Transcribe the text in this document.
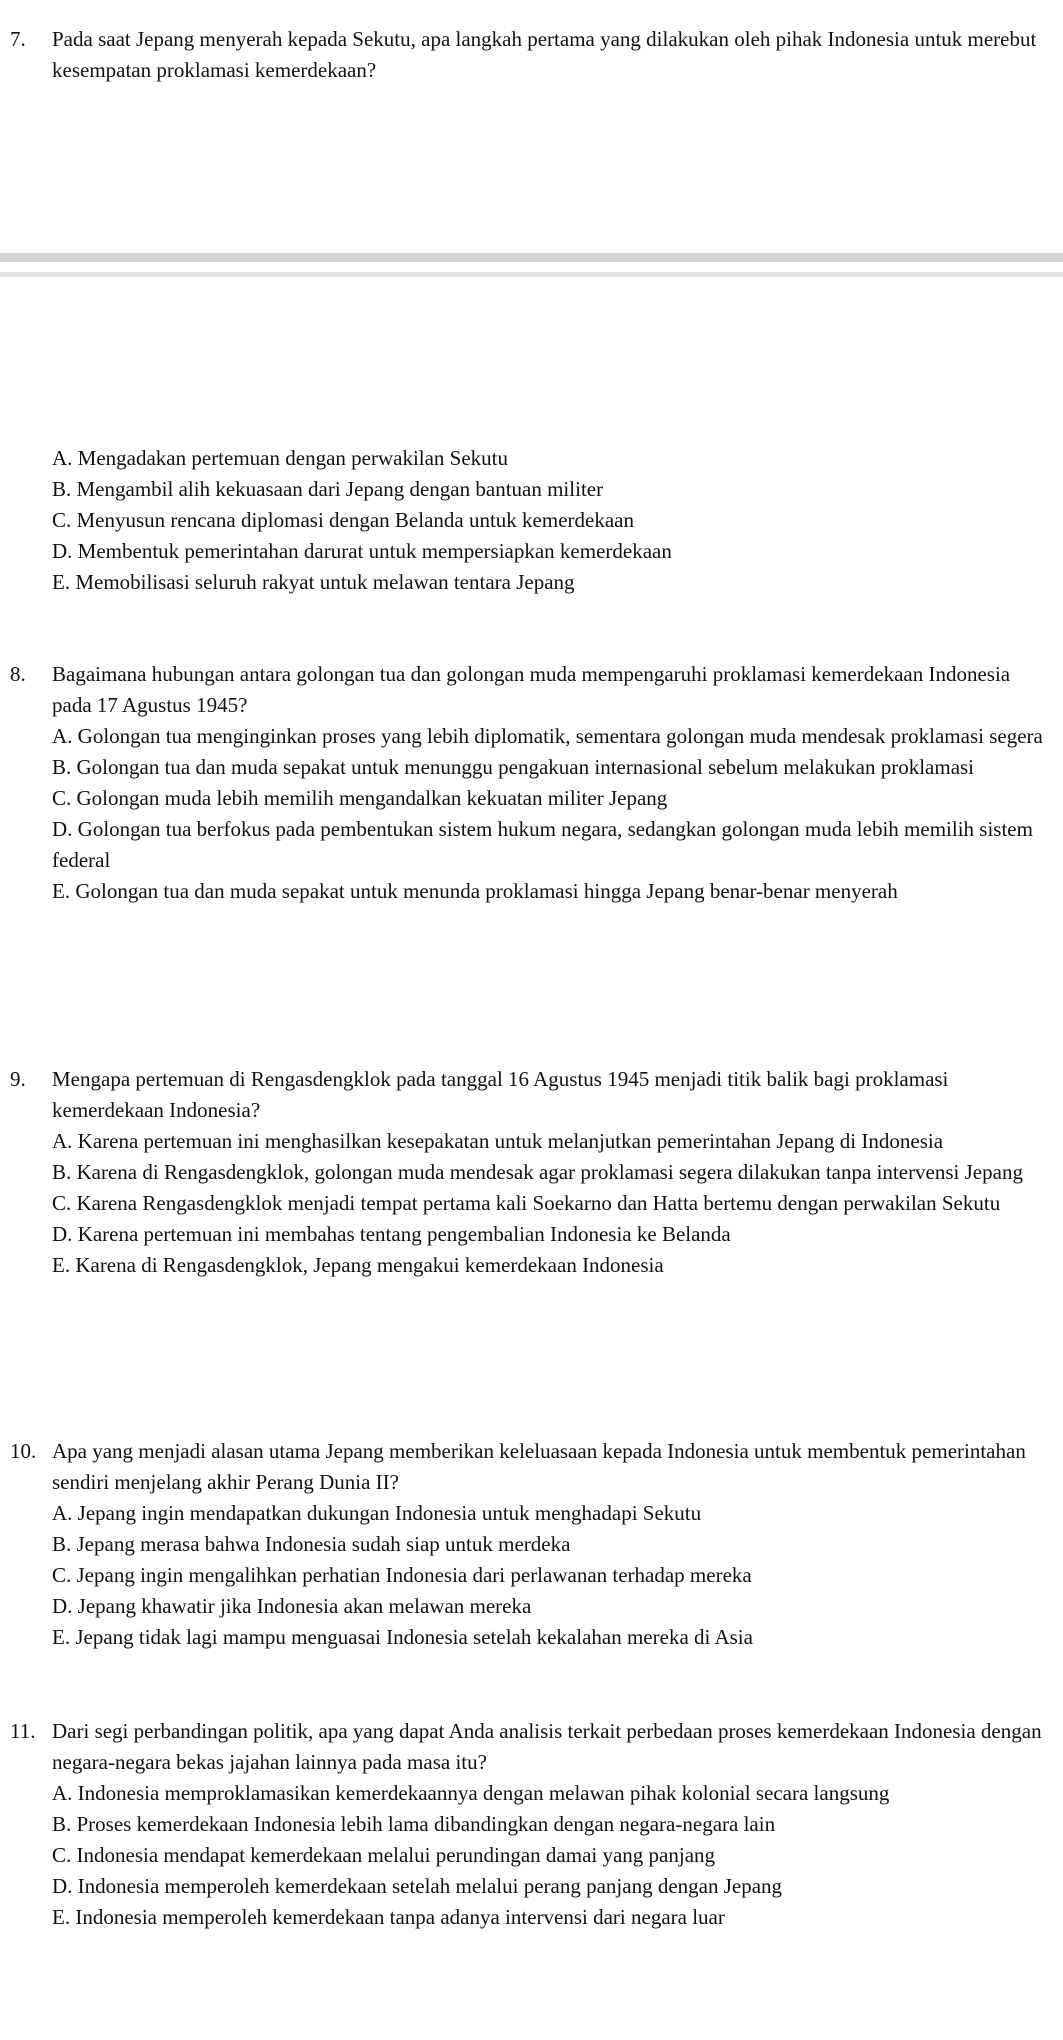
7. Pada saat Jepang menyerah kepada Sekutu, apa langkah pertama yang dilakukan oleh pihak Indonesia untuk merebut kesempatan proklamasi kemerdekaan?
A. Mengadakan pertemuan dengan perwakilan Sekutu
B. Mengambil alih kekuasaan dari Jepang dengan bantuan militer
C. Menyusun rencana diplomasi dengan Belanda untuk kemerdekaan
D. Membentuk pemerintahan darurat untuk mempersiapkan kemerdekaan
E. Memobilisasi seluruh rakyat untuk melawan tentara Jepang
8. Bagaimana hubungan antara golongan tua dan golongan muda mempengaruhi proklamasi kemerdekaan Indonesia pada 17 Agustus 1945?
A. Golongan tua menginginkan proses yang lebih diplomatik, sementara golongan muda mendesak proklamasi segera
B. Golongan tua dan muda sepakat untuk menunggu pengakuan internasional sebelum melakukan proklamasi
C. Golongan muda lebih memilih mengandalkan kekuatan militer Jepang
D. Golongan tua berfokus pada pembentukan sistem hukum negara, sedangkan golongan muda lebih memilih sistem federal
E. Golongan tua dan muda sepakat untuk menunda proklamasi hingga Jepang benar-benar menyerah
9. Mengapa pertemuan di Rengasdengklok pada tanggal 16 Agustus 1945 menjadi titik balik bagi proklamasi kemerdekaan Indonesia?
A. Karena pertemuan ini menghasilkan kesepakatan untuk melanjutkan pemerintahan Jepang di Indonesia
B. Karena di Rengasdengklok, golongan muda mendesak agar proklamasi segera dilakukan tanpa intervensi Jepang
C. Karena Rengasdengklok menjadi tempat pertama kali Soekarno dan Hatta bertemu dengan perwakilan Sekutu
D. Karena pertemuan ini membahas tentang pengembalian Indonesia ke Belanda
E. Karena di Rengasdengklok, Jepang mengakui kemerdekaan Indonesia
10. Apa yang menjadi alasan utama Jepang memberikan keleluasaan kepada Indonesia untuk membentuk pemerintahan sendiri menjelang akhir Perang Dunia II?
A. Jepang ingin mendapatkan dukungan Indonesia untuk menghadapi Sekutu
B. Jepang merasa bahwa Indonesia sudah siap untuk merdeka
C. Jepang ingin mengalihkan perhatian Indonesia dari perlawanan terhadap mereka
D. Jepang khawatir jika Indonesia akan melawan mereka
E. Jepang tidak lagi mampu menguasai Indonesia setelah kekalahan mereka di Asia
11. Dari segi perbandingan politik, apa yang dapat Anda analisis terkait perbedaan proses kemerdekaan Indonesia dengan negara-negara bekas jajahan lainnya pada masa itu?
A. Indonesia memproklamasikan kemerdekaannya dengan melawan pihak kolonial secara langsung
B. Proses kemerdekaan Indonesia lebih lama dibandingkan dengan negara-negara lain
C. Indonesia mendapat kemerdekaan melalui perundingan damai yang panjang
D. Indonesia memperoleh kemerdekaan setelah melalui perang panjang dengan Jepang
E. Indonesia memperoleh kemerdekaan tanpa adanya intervensi dari negara luar
